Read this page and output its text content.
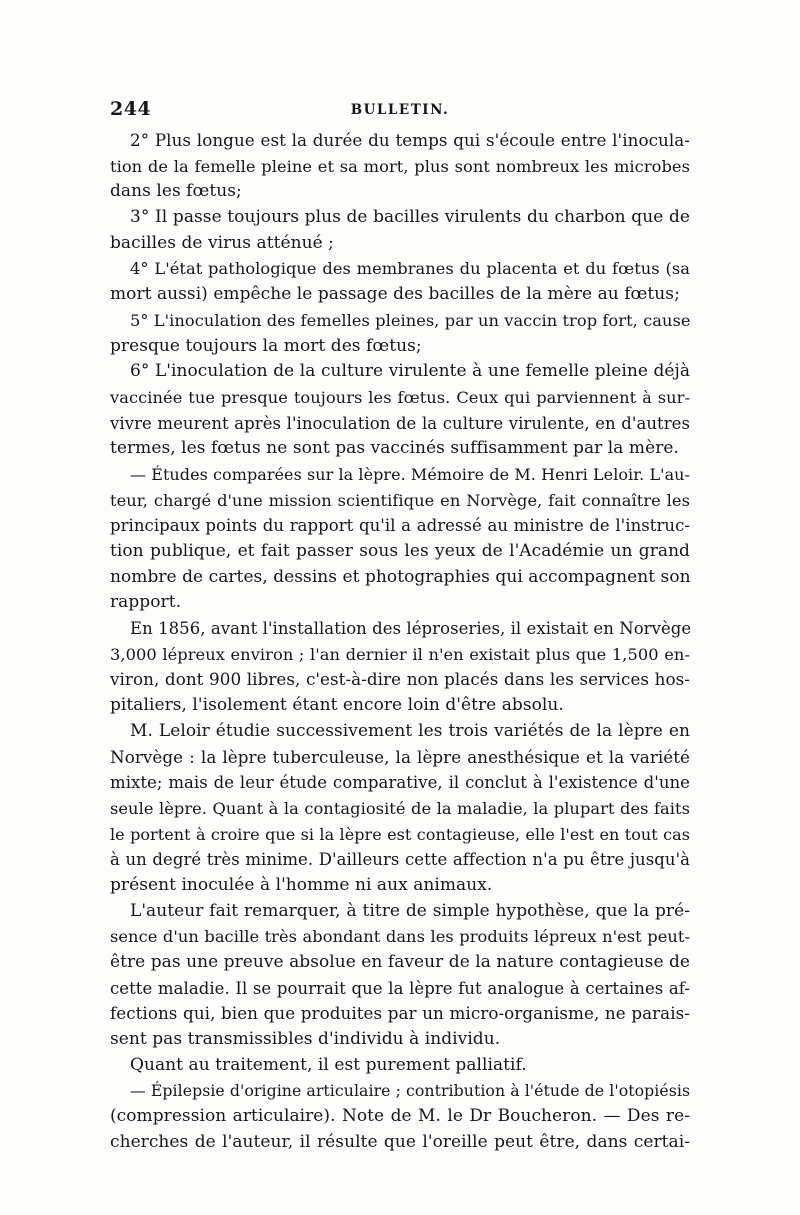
244	BULLETIN.
2° Plus longue est la durée du temps qui s'écoule entre l'inocula-
tion de la femelle pleine et sa mort, plus sont nombreux les microbes
dans les fœtus;
3° Il passe toujours plus de bacilles virulents du charbon que de
bacilles de virus atténué ;
4° L'état pathologique des membranes du placenta et du fœtus (sa
mort aussi) empêche le passage des bacilles de la mère au fœtus;
5° L'inoculation des femelles pleines, par un vaccin trop fort, cause
presque toujours la mort des fœtus;
6° L'inoculation de la culture virulente à une femelle pleine déjà
vaccinée tue presque toujours les fœtus. Ceux qui parviennent à sur-
vivre meurent après l'inoculation de la culture virulente, en d'autres
termes, les fœtus ne sont pas vaccinés suffisamment par la mère.
— Études comparées sur la lèpre. Mémoire de M. Henri Leloir. L'au-
teur, chargé d'une mission scientifique en Norvège, fait connaître les
principaux points du rapport qu'il a adressé au ministre de l'instruc-
tion publique, et fait passer sous les yeux de l'Académie un grand
nombre de cartes, dessins et photographies qui accompagnent son
rapport.
En 1856, avant l'installation des léproseries, il existait en Norvège
3,000 lépreux environ ; l'an dernier il n'en existait plus que 1,500 en-
viron, dont 900 libres, c'est-à-dire non placés dans les services hos-
pitaliers, l'isolement étant encore loin d'être absolu.
M. Leloir étudie successivement les trois variétés de la lèpre en
Norvège : la lèpre tuberculeuse, la lèpre anesthésique et la variété
mixte; mais de leur étude comparative, il conclut à l'existence d'une
seule lèpre. Quant à la contagiosité de la maladie, la plupart des faits
le portent à croire que si la lèpre est contagieuse, elle l'est en tout cas
à un degré très minime. D'ailleurs cette affection n'a pu être jusqu'à
présent inoculée à l'homme ni aux animaux.
L'auteur fait remarquer, à titre de simple hypothèse, que la pré-
sence d'un bacille très abondant dans les produits lépreux n'est peut-
être pas une preuve absolue en faveur de la nature contagieuse de
cette maladie. Il se pourrait que la lèpre fut analogue à certaines af-
fections qui, bien que produites par un micro-organisme, ne parais-
sent pas transmissibles d'individu à individu.
Quant au traitement, il est purement palliatif.
— Épilepsie d'origine articulaire ; contribution à l'étude de l'otopiésis
(compression articulaire). Note de M. le Dr Boucheron. — Des re-
cherches de l'auteur, il résulte que l'oreille peut être, dans certai-
